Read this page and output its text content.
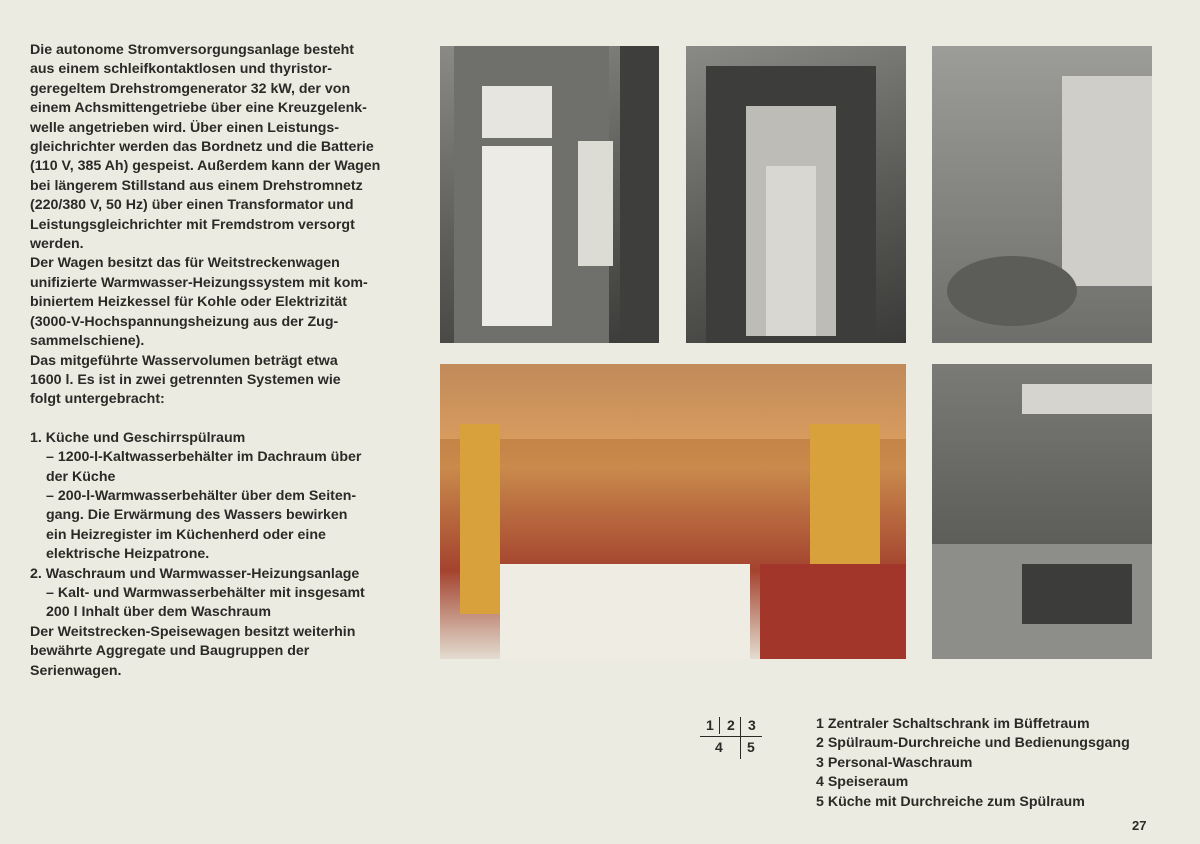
Die autonome Stromversorgungsanlage besteht
aus einem schleifkontaktlosen und thyristor-
geregeltem Drehstromgenerator 32 kW, der von
einem Achsmittengetriebe über eine Kreuzgelenk-
welle angetrieben wird. Über einen Leistungs-
gleichrichter werden das Bordnetz und die Batterie
(110 V, 385 Ah) gespeist. Außerdem kann der Wagen
bei längerem Stillstand aus einem Drehstromnetz
(220/380 V, 50 Hz) über einen Transformator und
Leistungsgleichrichter mit Fremdstrom versorgt
werden.

Der Wagen besitzt das für Weitstreckenwagen
unifizierte Warmwasser-Heizungssystem mit kom-
biniertem Heizkessel für Kohle oder Elektrizität
(3000-V-Hochspannungsheizung aus der Zug-
sammelschiene).

Das mitgeführte Wasservolumen beträgt etwa
1600 l. Es ist in zwei getrennten Systemen wie
folgt untergebracht:

1. Küche und Geschirrspülraum

– 1200-l-Kaltwasserbehälter im Dachraum über
der Küche

– 200-l-Warmwasserbehälter über dem Seiten-
gang. Die Erwärmung des Wassers bewirken
ein Heizregister im Küchenherd oder eine
elektrische Heizpatrone.

2. Waschraum und Warmwasser-Heizungsanlage

– Kalt- und Warmwasserbehälter mit insgesamt
200 l Inhalt über dem Waschraum

Der Weitstrecken-Speisewagen besitzt weiterhin
bewährte Aggregate und Baugruppen der
Serienwagen.

1 2 3
4 5
1 Zentraler Schaltschrank im Büffetraum
2 Spülraum-Durchreiche und Bedienungsgang
3 Personal-Waschraum
4 Speiseraum
5 Küche mit Durchreiche zum Spülraum
27
